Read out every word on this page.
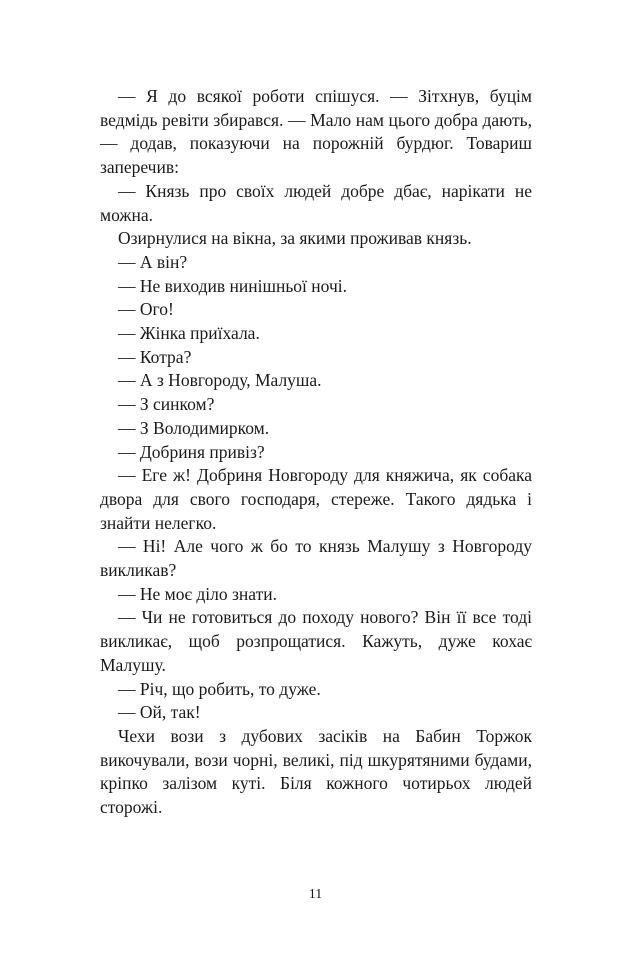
— Я до всякої роботи спішуся. — Зітхнув, буцім ведмідь ревіти збирався. — Мало нам цього добра дають, — додав, показуючи на порожній бурдюг. Товариш заперечив:

— Князь про своїх людей добре дбає, нарікати не можна.

Озирнулися на вікна, за якими проживав князь.

— А він?

— Не виходив нинішньої ночі.

— Ого!

— Жінка приїхала.

— Котра?

— А з Новгороду, Малуша.

— З синком?

— З Володимирком.

— Добриня привіз?

— Еге ж! Добриня Новгороду для княжича, як собака двора для свого господаря, стереже. Такого дядька і знайти нелегко.

— Ні! Але чого ж бо то князь Малушу з Новгороду викликав?

— Не моє діло знати.

— Чи не готовиться до походу нового? Він її все тоді викликає, щоб розпрощатися. Кажуть, дуже кохає Малушу.

— Річ, що робить, то дуже.

— Ой, так!

Чехи вози з дубових засіків на Бабин Торжок викочували, вози чорні, великі, під шкурятяними будами, кріпко залізом куті. Біля кожного чотирьох людей сторожі.

11
